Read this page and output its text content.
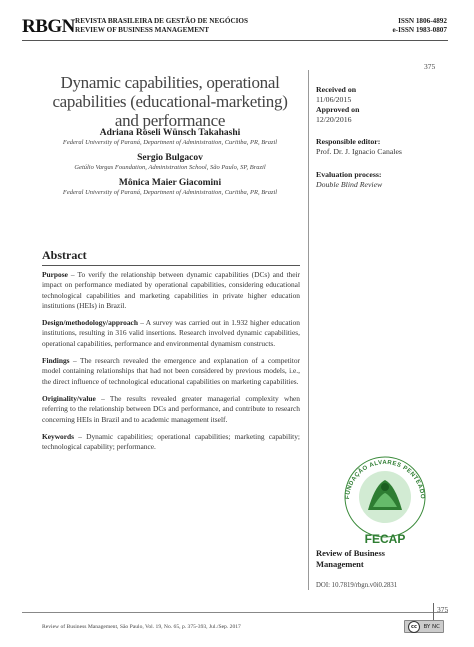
RBGN REVISTA BRASILEIRA DE GESTÃO DE NEGÓCIOS
REVIEW OF BUSINESS MANAGEMENT
ISSN 1806-4892
e-ISSN 1983-0807
375
Dynamic capabilities, operational capabilities (educational-marketing) and performance
Adriana Roseli Wünsch Takahashi
Federal University of Paraná, Department of Administration, Curitiba, PR, Brazil
Sergio Bulgacov
Getúlio Vargas Foundation, Administration School, São Paulo, SP, Brazil
Mônica Maier Giacomini
Federal University of Paraná, Department of Administration, Curitiba, PR, Brazil
Received on
11/06/2015
Approved on
12/20/2016
Responsible editor:
Prof. Dr. J. Ignacio Canales
Evaluation process:
Double Blind Review
FUNDAÇÃO ALVARES PENTEADO
FECAP
Review of Business Management
DOI: 10.7819/rbgn.v0i0.2831
Abstract

Purpose – To verify the relationship between dynamic capabilities (DCs) and their impact on performance mediated by operational capabilities, considering educational technological capabilities and marketing capabilities in private higher education institutions (HEIs) in Brazil.

Design/methodology/approach – A survey was carried out in 1.932 higher education institutions, resulting in 316 valid insertions. Research involved dynamic capabilities, operational capabilities, performance and environmental dynamism constructs.

Findings – The research revealed the emergence and explanation of a competitor model containing relationships that had not been considered by previous models, i.e., the direct influence of technological educational capabilities on marketing capabilities.

Originality/value – The results revealed greater managerial complexity when referring to the relationship between DCs and performance, and contribute to research concerning HEIs in Brazil and to academic management itself.

Keywords – Dynamic capabilities; operational capabilities; marketing capability; technological capability; performance.

375
Review of Business Management, São Paulo, Vol. 19, No. 65, p. 375-393, Jul./Sep. 2017	cc	BY NC
